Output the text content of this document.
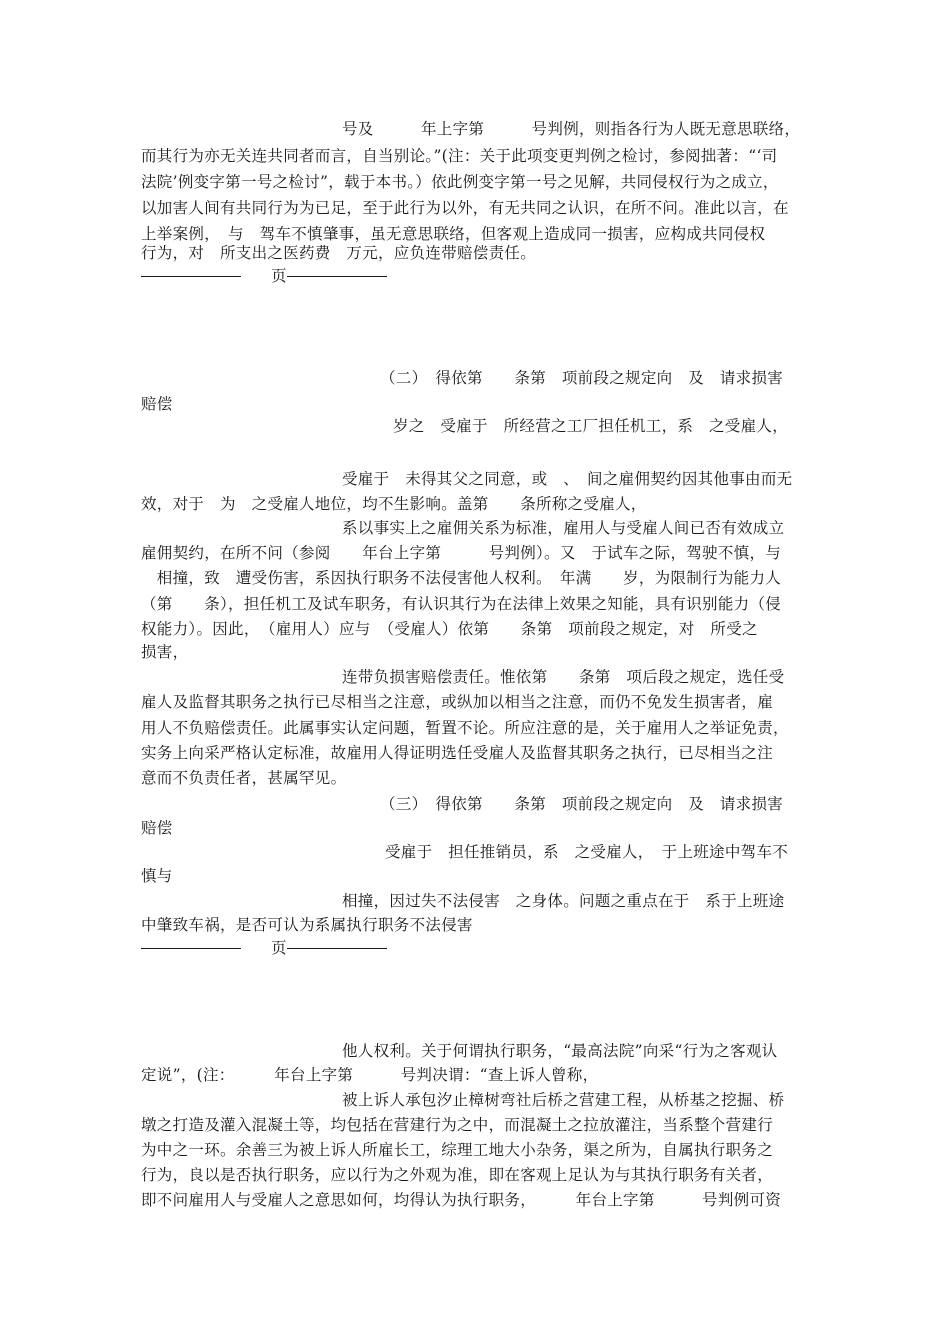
号及　　　年上字第　　　号判例，则指各行为人既无意思联络，
而其行为亦无关连共同者而言，自当别论。”(注：关于此项变更判例之检讨，参阅拙著：“‘司
法院’例变字第一号之检讨”，载于本书。）依此例变字第一号之见解，共同侵权行为之成立，
以加害人间有共同行为为已足，至于此行为以外，有无共同之认识，在所不问。准此以言，在
上举案例，　与　驾车不慎肇事，虽无意思联络，但客观上造成同一损害，应构成共同侵权
行为，对　所支出之医药费　万元，应负连带赔偿责任。
页
（二）　得依第　　条第　项前段之规定向　及　请求损害
赔偿
岁之　受雇于　所经营之工厂担任机工，系　之受雇人，
受雇于　未得其父之同意，或　、　间之雇佣契约因其他事由而无
效，对于　为　之受雇人地位，均不生影响。盖第　　条所称之受雇人，
系以事实上之雇佣关系为标准，雇用人与受雇人间已否有效成立
雇佣契约，在所不问（参阅　　年台上字第　　　号判例）。又　于试车之际，驾驶不慎，与
　相撞，致　遭受伤害，系因执行职务不法侵害他人权利。　年满　　岁，为限制行为能力人
（第　　条），担任机工及试车职务，有认识其行为在法律上效果之知能，具有识别能力（侵
权能力）。因此，　（雇用人）应与　（受雇人）依第　　条第　项前段之规定，对　所受之
损害，
连带负损害赔偿责任。惟依第　　条第　项后段之规定，选任受
雇人及监督其职务之执行已尽相当之注意，或纵加以相当之注意，而仍不免发生损害者，雇
用人不负赔偿责任。此属事实认定问题，暂置不论。所应注意的是，关于雇用人之举证免责，
实务上向采严格认定标准，故雇用人得证明选任受雇人及监督其职务之执行，已尽相当之注
意而不负责任者，甚属罕见。
（三）　得依第　　条第　项前段之规定向　及　请求损害
赔偿
受雇于　担任推销员，系　之受雇人，　于上班途中驾车不
慎与
相撞，因过失不法侵害　之身体。问题之重点在于　系于上班途
中肇致车祸，是否可认为系属执行职务不法侵害
页
他人权利。关于何谓执行职务，“最高法院”向采“行为之客观认
定说”，(注：　　　年台上字第　　　号判决谓：“查上诉人曾称，
被上诉人承包汐止樟树弯社后桥之营建工程，从桥基之挖掘、桥
墩之打造及灌入混凝土等，均包括在营建行为之中，而混凝土之拉放灌注，当系整个营建行
为中之一环。余善三为被上诉人所雇长工，综理工地大小杂务，渠之所为，自属执行职务之
行为，良以是否执行职务，应以行为之外观为准，即在客观上足认为与其执行职务有关者，
即不问雇用人与受雇人之意思如何，均得认为执行职务，　　　年台上字第　　　号判例可资
